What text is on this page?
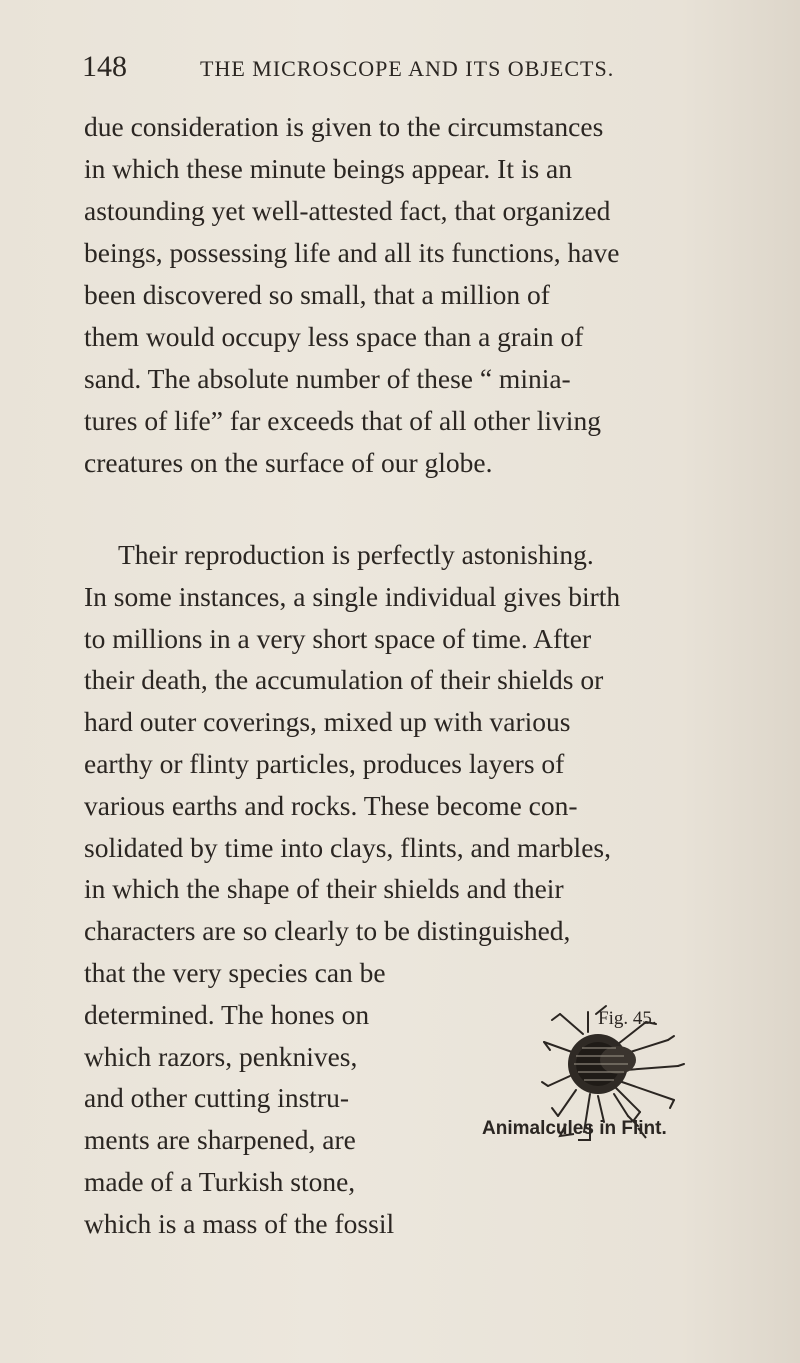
148	THE MICROSCOPE AND ITS OBJECTS.
due consideration is given to the circumstances
in which these minute beings appear. It is an
astounding yet well-attested fact, that organized
beings, possessing life and all its functions, have
been discovered so small, that a million of
them would occupy less space than a grain of
sand. The absolute number of these “ minia-
tures of life” far exceeds that of all other living
creatures on the surface of our globe.
Their reproduction is perfectly astonishing.
In some instances, a single individual gives birth
to millions in a very short space of time. After
their death, the accumulation of their shields or
hard outer coverings, mixed up with various
earthy or flinty particles, produces layers of
various earths and rocks. These become con-
solidated by time into clays, flints, and marbles,
in which the shape of their shields and their
characters are so clearly to be distinguished,
that the very species can be
determined. The hones on
which razors, penknives,
and other cutting instru-
ments are sharpened, are
made of a Turkish stone,
which is a mass of the fossil
Fig. 45.
Animalcules in Flint.
